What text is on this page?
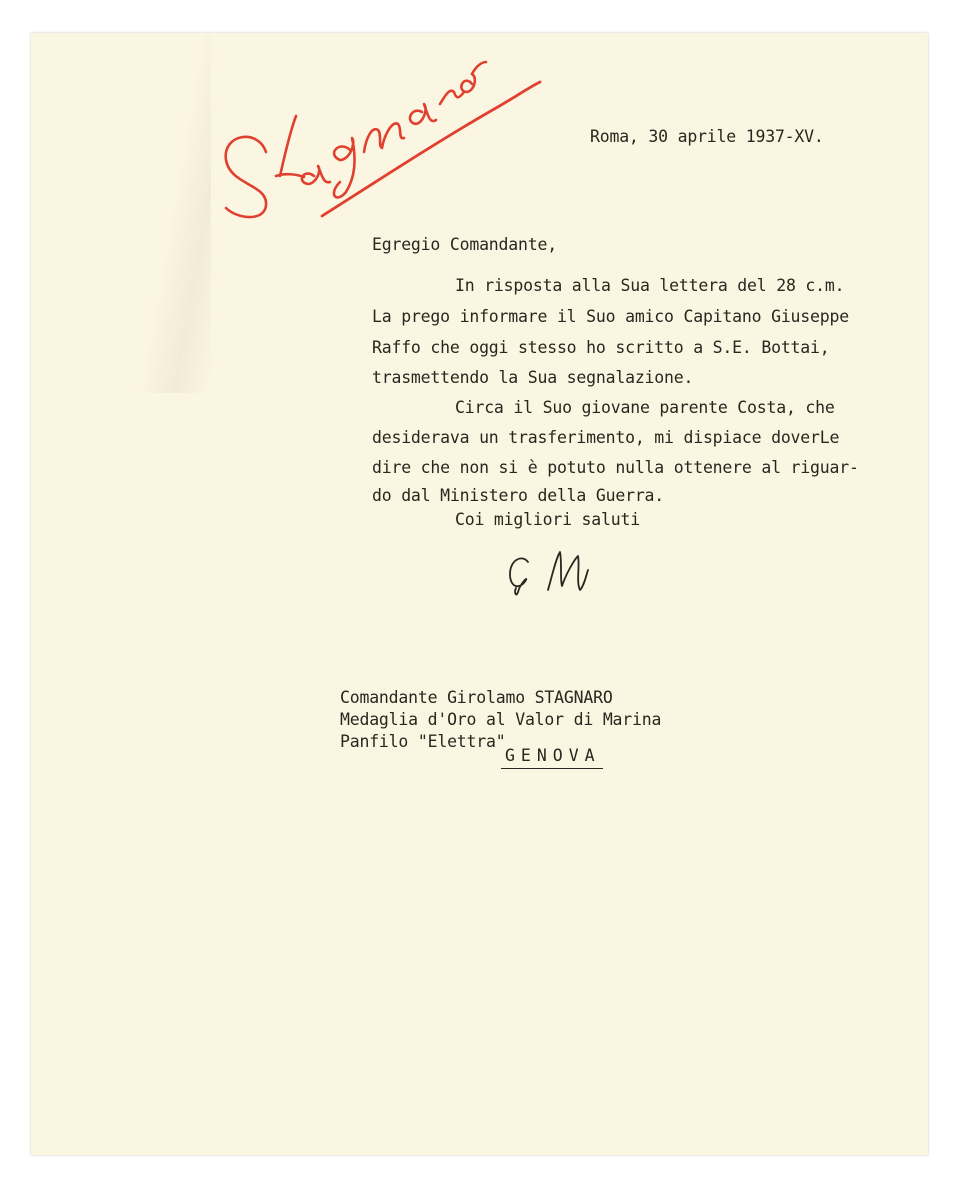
Roma, 30 aprile 1937-XV.

Egregio Comandante,

In risposta alla Sua lettera del 28 c.m.

La prego informare il Suo amico Capitano Giuseppe

Raffo che oggi stesso ho scritto a S.E. Bottai,

trasmettendo la Sua segnalazione.

Circa il Suo giovane parente Costa, che

desiderava un trasferimento, mi dispiace doverLe

dire che non si è potuto nulla ottenere al riguar-

do dal Ministero della Guerra.

Coi migliori saluti

Comandante Girolamo STAGNARO

Medaglia d'Oro al Valor di Marina

Panfilo "Elettra"

GENOVA
